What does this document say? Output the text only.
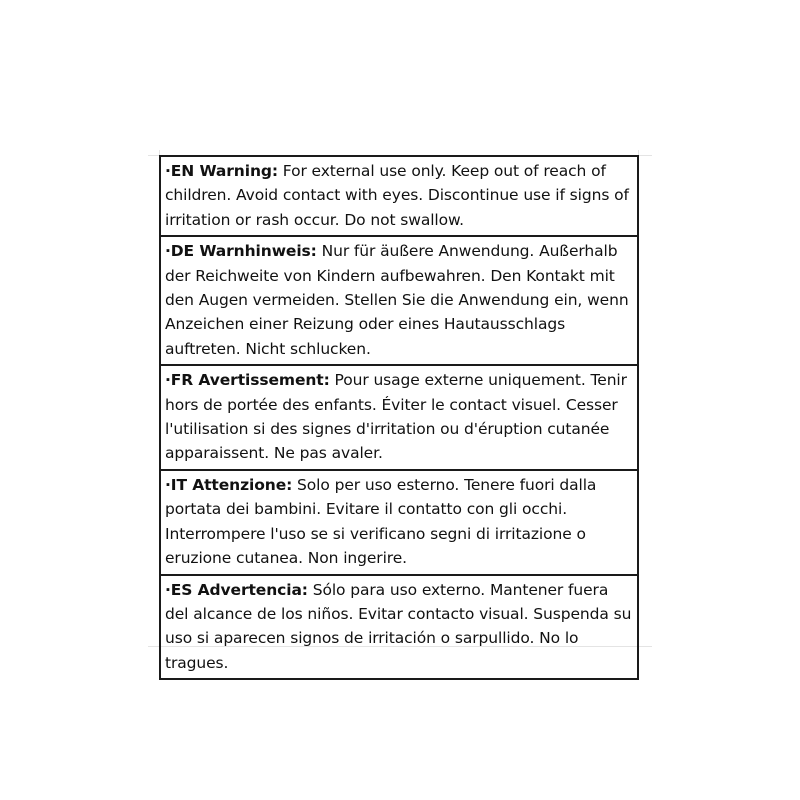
·EN Warning: For external use only. Keep out of reach of children. Avoid contact with eyes. Discontinue use if signs of irritation or rash occur. Do not swallow.
·DE Warnhinweis: Nur für äußere Anwendung. Außerhalb der Reichweite von Kindern aufbewahren. Den Kontakt mit den Augen vermeiden. Stellen Sie die Anwendung ein, wenn Anzeichen einer Reizung oder eines Hautausschlags auftreten. Nicht schlucken.
·FR Avertissement: Pour usage externe uniquement. Tenir hors de portée des enfants. Éviter le contact visuel. Cesser l'utilisation si des signes d'irritation ou d'éruption cutanée apparaissent. Ne pas avaler.
·IT Attenzione: Solo per uso esterno. Tenere fuori dalla portata dei bambini. Evitare il contatto con gli occhi. Interrompere l'uso se si verificano segni di irritazione o eruzione cutanea. Non ingerire.
·ES Advertencia: Sólo para uso externo. Mantener fuera del alcance de los niños. Evitar contacto visual. Suspenda su uso si aparecen signos de irritación o sarpullido. No lo tragues.
